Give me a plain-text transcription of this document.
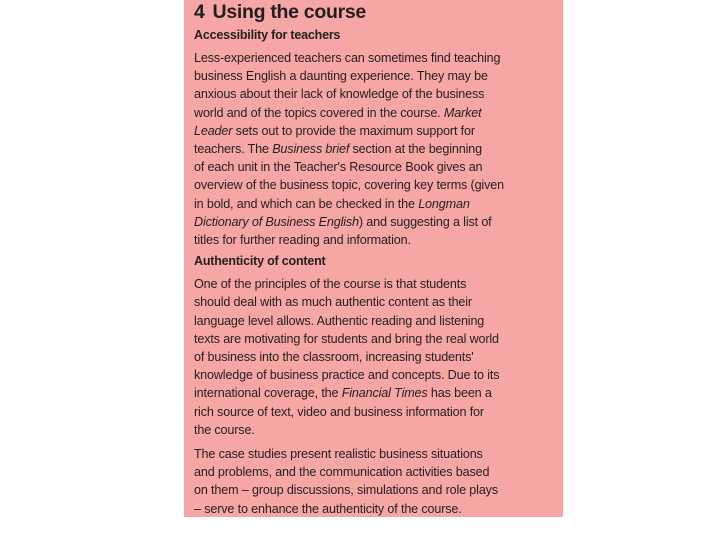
4 Using the course
Accessibility for teachers

Less-experienced teachers can sometimes find teaching
business English a daunting experience. They may be
anxious about their lack of knowledge of the business
world and of the topics covered in the course. Market
Leader sets out to provide the maximum support for
teachers. The Business brief section at the beginning
of each unit in the Teacher's Resource Book gives an
overview of the business topic, covering key terms (given
in bold, and which can be checked in the Longman
Dictionary of Business English) and suggesting a list of
titles for further reading and information.

Authenticity of content

One of the principles of the course is that students
should deal with as much authentic content as their
language level allows. Authentic reading and listening
texts are motivating for students and bring the real world
of business into the classroom, increasing students'
knowledge of business practice and concepts. Due to its
international coverage, the Financial Times has been a
rich source of text, video and business information for
the course.

The case studies present realistic business situations
and problems, and the communication activities based
on them – group discussions, simulations and role plays
– serve to enhance the authenticity of the course.
